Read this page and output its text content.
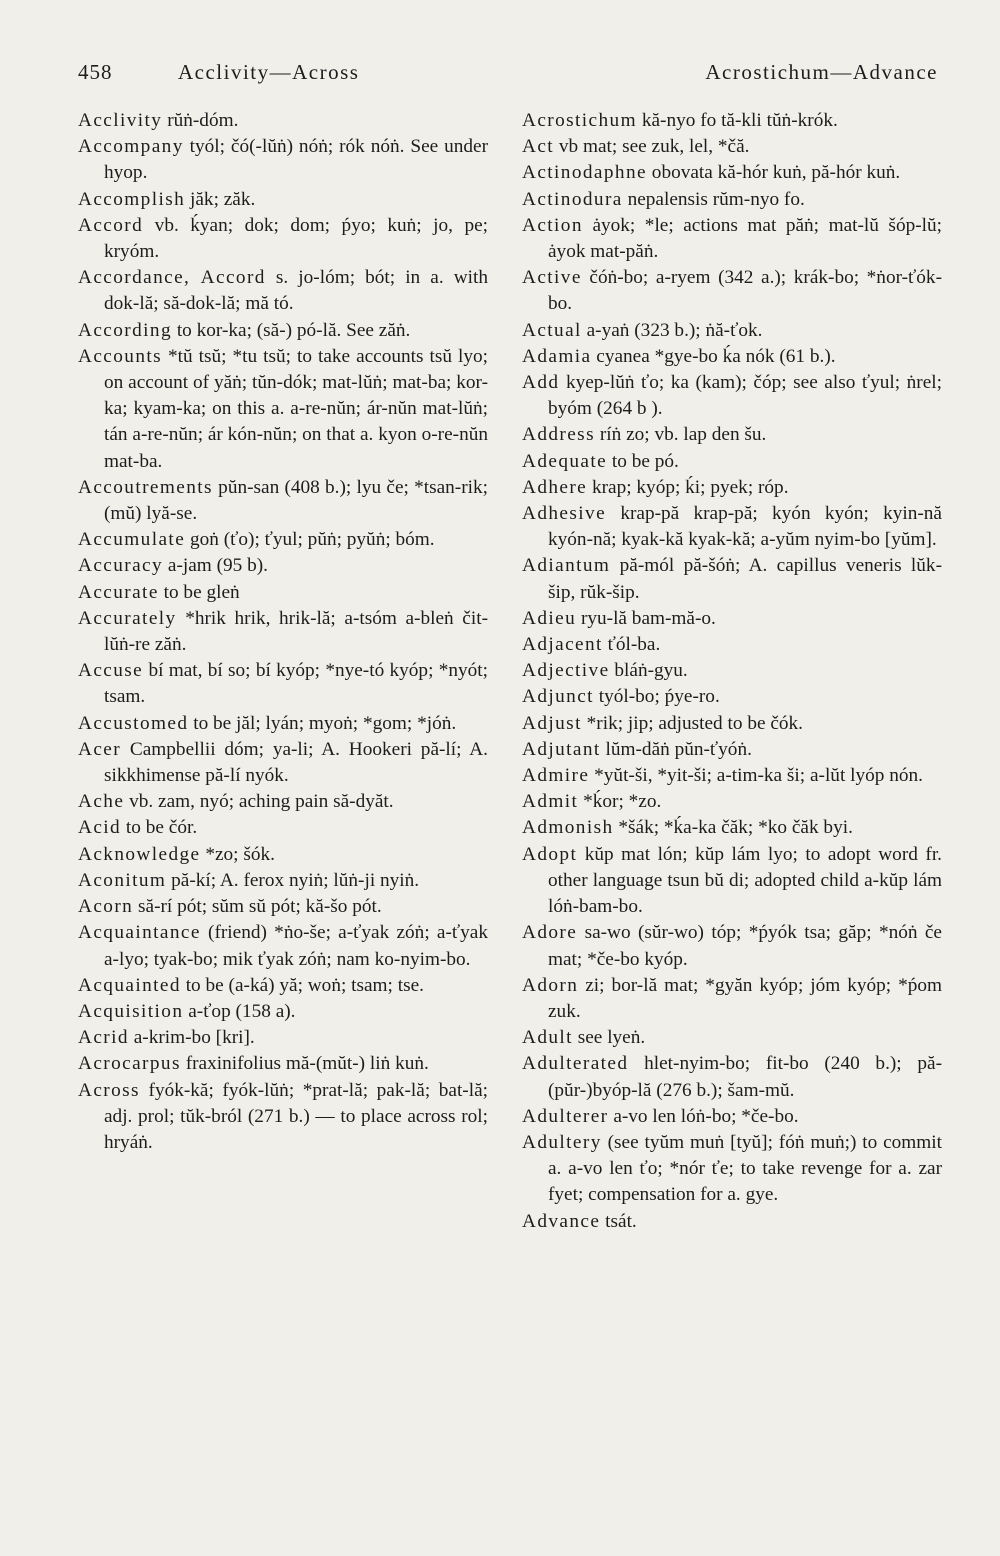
458	Acclivity—Across	Acrostichum—Advance
Acclivity rŭṅ-dóm.
Accompany tyól; čó(-lŭṅ) nóṅ; rók nóṅ. See under hyop.
Accomplish jăk; zăk.
Accord vb. ḱyan; dok; dom; ṕyo; kuṅ; jo, pe; kryóm.
Accordance, Accord s. jo-lóm; bót; in a. with dok-lă; să-dok-lă; mă tó.
According to kor-ka; (să-) pó-lă. See zăṅ.
Accounts *tŭ tsŭ; *tu tsŭ; to take accounts tsŭ lyo; on account of yăṅ; tŭn-dók; mat-lŭṅ; mat-ba; kor-ka; kyam-ka; on this a. a-re-nŭn; ár-nŭn mat-lŭṅ; tán a-re-nŭn; ár kón-nŭn; on that a. kyon o-re-nŭn mat-ba.
Accoutrements pŭn-san (408 b.); lyu če; *tsan-rik; (mŭ) lyă-se.
Accumulate goṅ (ťo); ťyul; pŭṅ; pyŭṅ; bóm.
Accuracy a-jam (95 b).
Accurate to be gleṅ
Accurately *hrik hrik, hrik-lă; a-tsóm a-bleṅ čit-lŭṅ-re zăṅ.
Accuse bí mat, bí so; bí kyóp; *nye-tó kyóp; *nyót; tsam.
Accustomed to be jăl; lyán; myoṅ; *gom; *jóṅ.
Acer Campbellii dóm; ya-li; A. Hookeri pă-lí; A. sikkhimense pă-lí nyók.
Ache vb. zam, nyó; aching pain să-dyăt.
Acid to be čór.
Acknowledge *zo; šók.
Aconitum pă-kí; A. ferox nyiṅ; lŭṅ-ji nyiṅ.
Acorn să-rí pót; sŭm sŭ pót; kă-šo pót.
Acquaintance (friend) *ṅo-še; a-ťyak zóṅ; a-ťyak a-lyo; tyak-bo; mik ťyak zóṅ; nam ko-nyim-bo.
Acquainted to be (a-ká) yă; woṅ; tsam; tse.
Acquisition a-ťop (158 a).
Acrid a-krim-bo [kri].
Acrocarpus fraxinifolius mă-(mŭt-) liṅ kuṅ.
Across fyók-kă; fyók-lŭṅ; *prat-lă; pak-lă; bat-lă; adj. prol; tŭk-bról (271 b.) — to place across rol; hryáṅ.
Acrostichum kă-nyo fo tă-kli tŭṅ-krók.
Act vb mat; see zuk, lel, *čă.
Actinodaphne obovata kă-hór kuṅ, pă-hór kuṅ.
Actinodura nepalensis rŭm-nyo fo.
Action ȧyok; *le; actions mat păṅ; mat-lŭ šóp-lŭ; ȧyok mat-păṅ.
Active čóṅ-bo; a-ryem (342 a.); krák-bo; *ṅor-ťók-bo.
Actual a-yaṅ (323 b.); ṅă-ťok.
Adamia cyanea *gye-bo ḱa nók (61 b.).
Add kyep-lŭṅ ťo; ka (kam); čóp; see also ťyul; ṅrel; byóm (264 b ).
Address ríṅ zo; vb. lap den šu.
Adequate to be pó.
Adhere krap; kyóp; ḱi; pyek; róp.
Adhesive krap-pă krap-pă; kyón kyón; kyin-nă kyón-nă; kyak-kă kyak-kă; a-yŭm nyim-bo [yŭm].
Adiantum pă-mól pă-šóṅ; A. capillus veneris lŭk-šip, rŭk-šip.
Adieu ryu-lă bam-mă-o.
Adjacent ťól-ba.
Adjective bláṅ-gyu.
Adjunct tyól-bo; ṕye-ro.
Adjust *rik; jip; adjusted to be čók.
Adjutant lŭm-dăṅ pŭn-ťyóṅ.
Admire *yŭt-ši, *yit-ši; a-tim-ka ši; a-lŭt lyóp nón.
Admit *ḱor; *zo.
Admonish *šák; *ḱa-ka čăk; *ko čăk byi.
Adopt kŭp mat lón; kŭp lám lyo; to adopt word fr. other language tsun bŭ di; adopted child a-kŭp lám lóṅ-bam-bo.
Adore sa-wo (sŭr-wo) tóp; *ṕyók tsa; găp; *nóṅ če mat; *če-bo kyóp.
Adorn zi; bor-lă mat; *gyăn kyóp; jóm kyóp; *ṕom zuk.
Adult see lyeṅ.
Adulterated hlet-nyim-bo; fit-bo (240 b.); pă-(pŭr-)byóp-lă (276 b.); šam-mŭ.
Adulterer a-vo len lóṅ-bo; *če-bo.
Adultery (see tyŭm muṅ [tyŭ]; fóṅ muṅ;) to commit a. a-vo len ťo; *nór ťe; to take revenge for a. zar fyet; compensation for a. gye.
Advance tsát.
